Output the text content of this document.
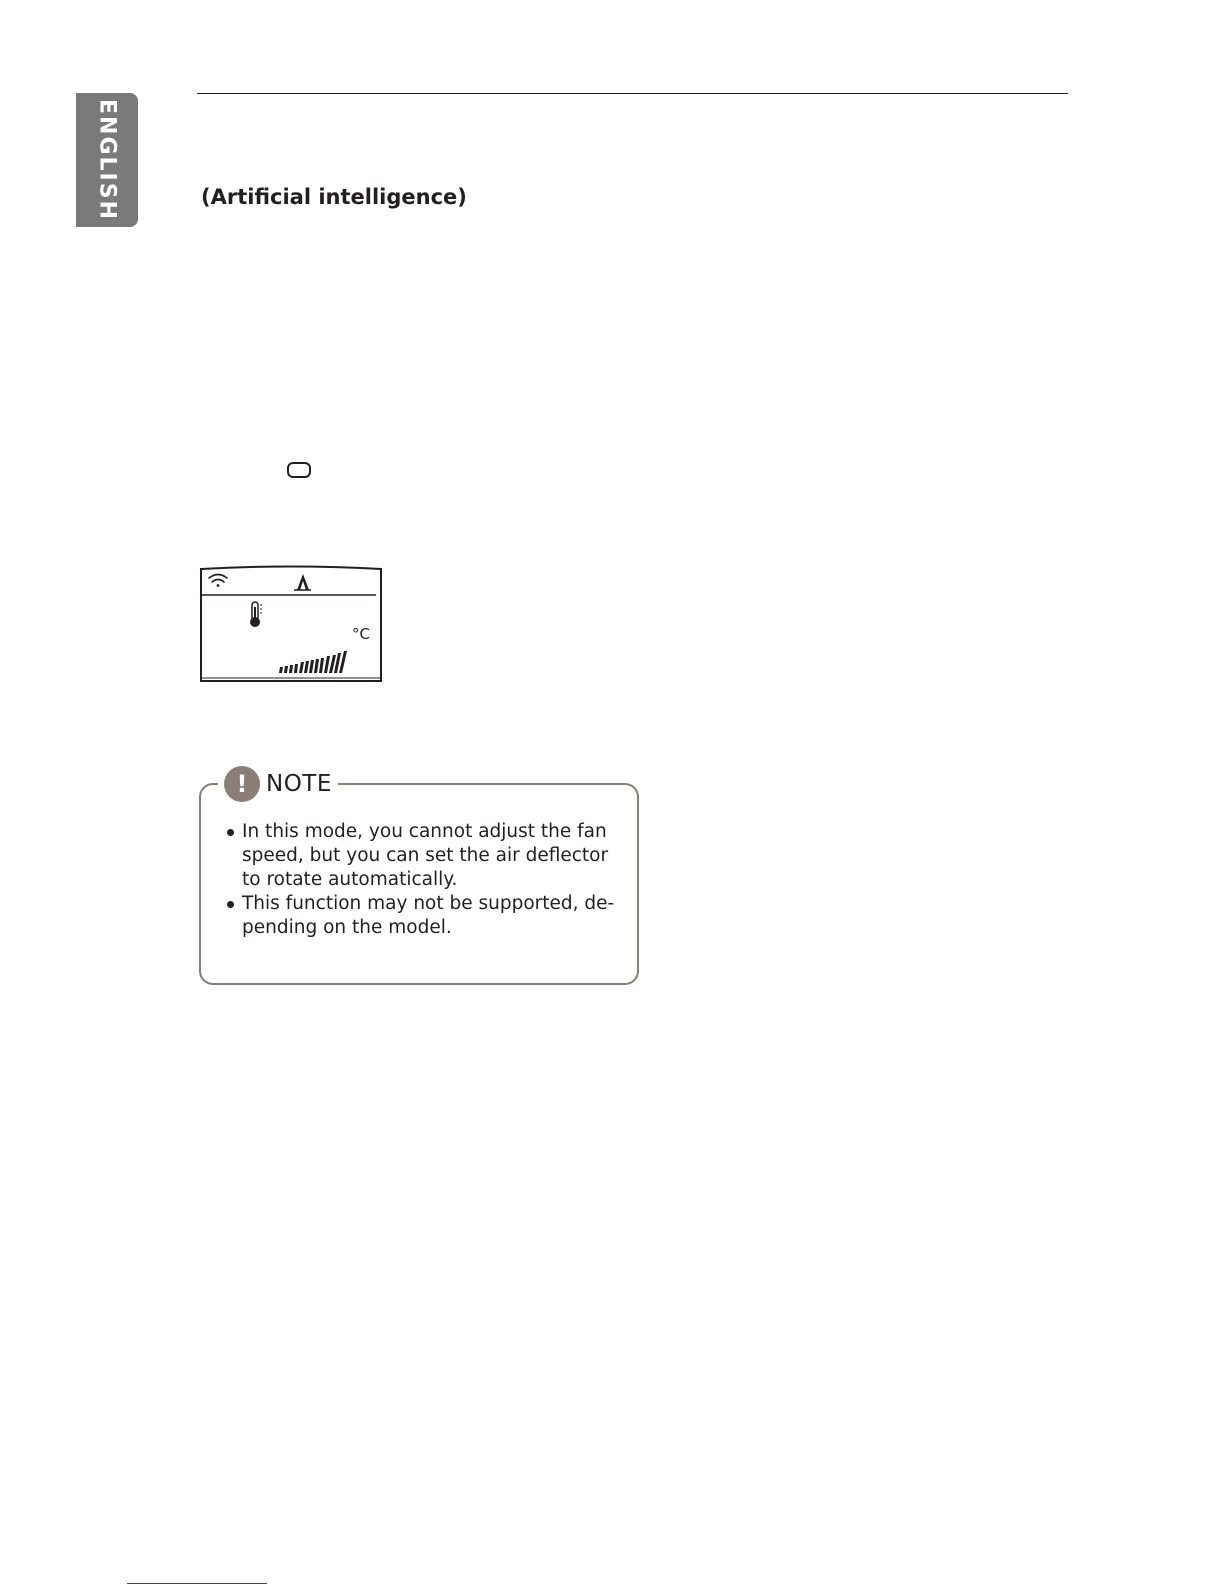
ENGLISH	(Artificial intelligence)
°C
! NOTE
In this mode, you cannot adjust the fan speed, but you can set the air deflector to rotate automatically.
This function may not be supported, depending on the model.
